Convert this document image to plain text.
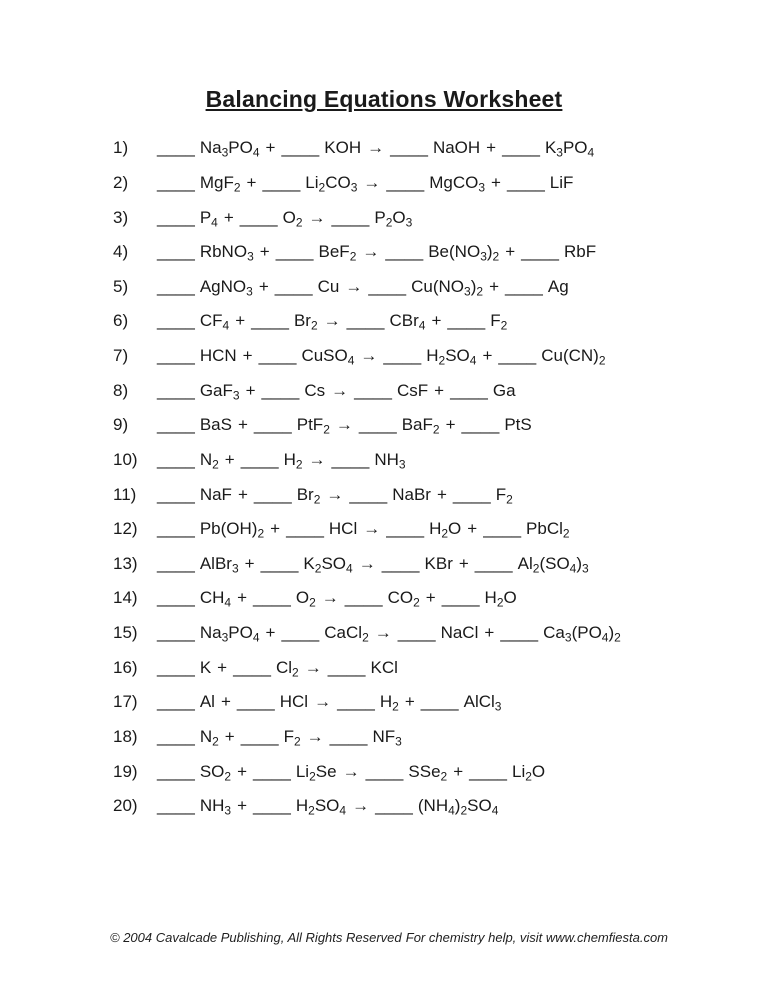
Balancing Equations Worksheet
1)	____ $Na_3PO_4$ + ____ KOH → ____ NaOH + ____ $K_3PO_4$
2)	____ MgF$_2$ + ____ $Li_2CO_3$ → ____ MgCO$_3$ + ____ LiF
3)	____ $P_4$ + ____ $O_2$ → ____ $P_2O_3$
4)	____ RbNO$_3$ + ____ BeF$_2$ → ____ $Be(NO_3)_2$ + ____ RbF
5)	____ AgNO$_3$ + ____ Cu → ____ $Cu(NO_3)_2$ + ____ Ag
6)	____ $CF_4$ + ____ $Br_2$ → ____ CBr$_4$ + ____ $F_2$
7)	____ HCN + ____ CuSO$_4$ → ____ $H_2SO_4$ + ____ $Cu(CN)_2$
8)	____ GaF$_3$ + ____ Cs → ____ CsF + ____ Ga
9)	____ BaS + ____ PtF$_2$ → ____ BaF$_2$ + ____ PtS
10)	____ $N_2$ + ____ $H_2$ → ____ $NH_3$
11)	____ NaF + ____ $Br_2$ → ____ NaBr + ____ $F_2$
12)	____ $Pb(OH)_2$ + ____ HCl → ____ $H_2O$ + ____ PbCl$_2$
13)	____ AlBr$_3$ + ____ $K_2SO_4$ → ____ KBr + ____ $Al_2(SO_4)_3$
14)	____ $CH_4$ + ____ $O_2$ → ____ $CO_2$ + ____ $H_2O$
15)	____ $Na_3PO_4$ + ____ CaCl$_2$ → ____ NaCl + ____ $Ca_3(PO_4)_2$
16)	____ K + ____ $Cl_2$ → ____ KCl
17)	____ Al + ____ HCl → ____ $H_2$ + ____ AlCl$_3$
18)	____ $N_2$ + ____ $F_2$ → ____ $NF_3$
19)	____ $SO_2$ + ____ $Li_2Se$ → ____ SSe$_2$ + ____ $Li_2O$
20)	____ $NH_3$ + ____ $H_2SO_4$ → ____ $(NH_4)_2SO_4$
© 2004 Cavalcade Publishing, All Rights Reserved For chemistry help, visit www.chemfiesta.com
